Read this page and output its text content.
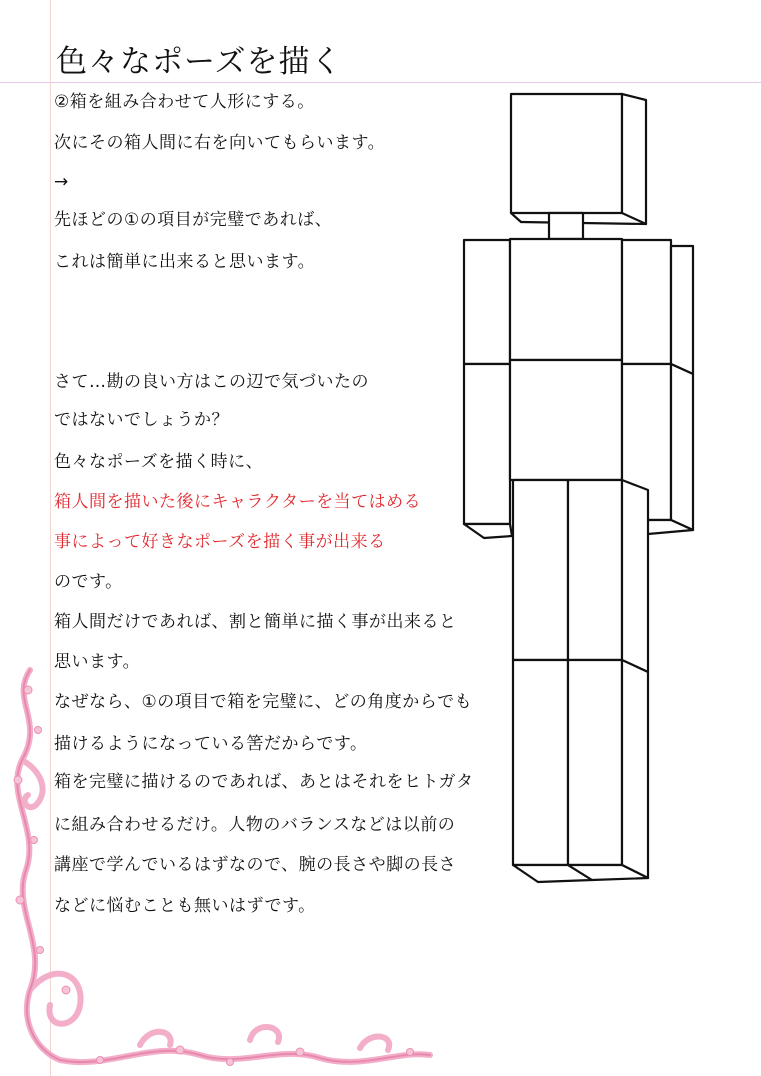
色々なポーズを描く
②箱を組み合わせて人形にする。
次にその箱人間に右を向いてもらいます。
→
先ほどの①の項目が完璧であれば、
これは簡単に出来ると思います。
さて…勘の良い方はこの辺で気づいたの
ではないでしょうか？
色々なポーズを描く時に、
箱人間を描いた後にキャラクターを当てはめる
事によって好きなポーズを描く事が出来る
のです。
箱人間だけであれば、割と簡単に描く事が出来ると
思います。
なぜなら、①の項目で箱を完璧に、どの角度からでも
描けるようになっている筈だからです。
箱を完璧に描けるのであれば、あとはそれをヒトガタ
に組み合わせるだけ。人物のバランスなどは以前の
講座で学んでいるはずなので、腕の長さや脚の長さ
などに悩むことも無いはずです。
